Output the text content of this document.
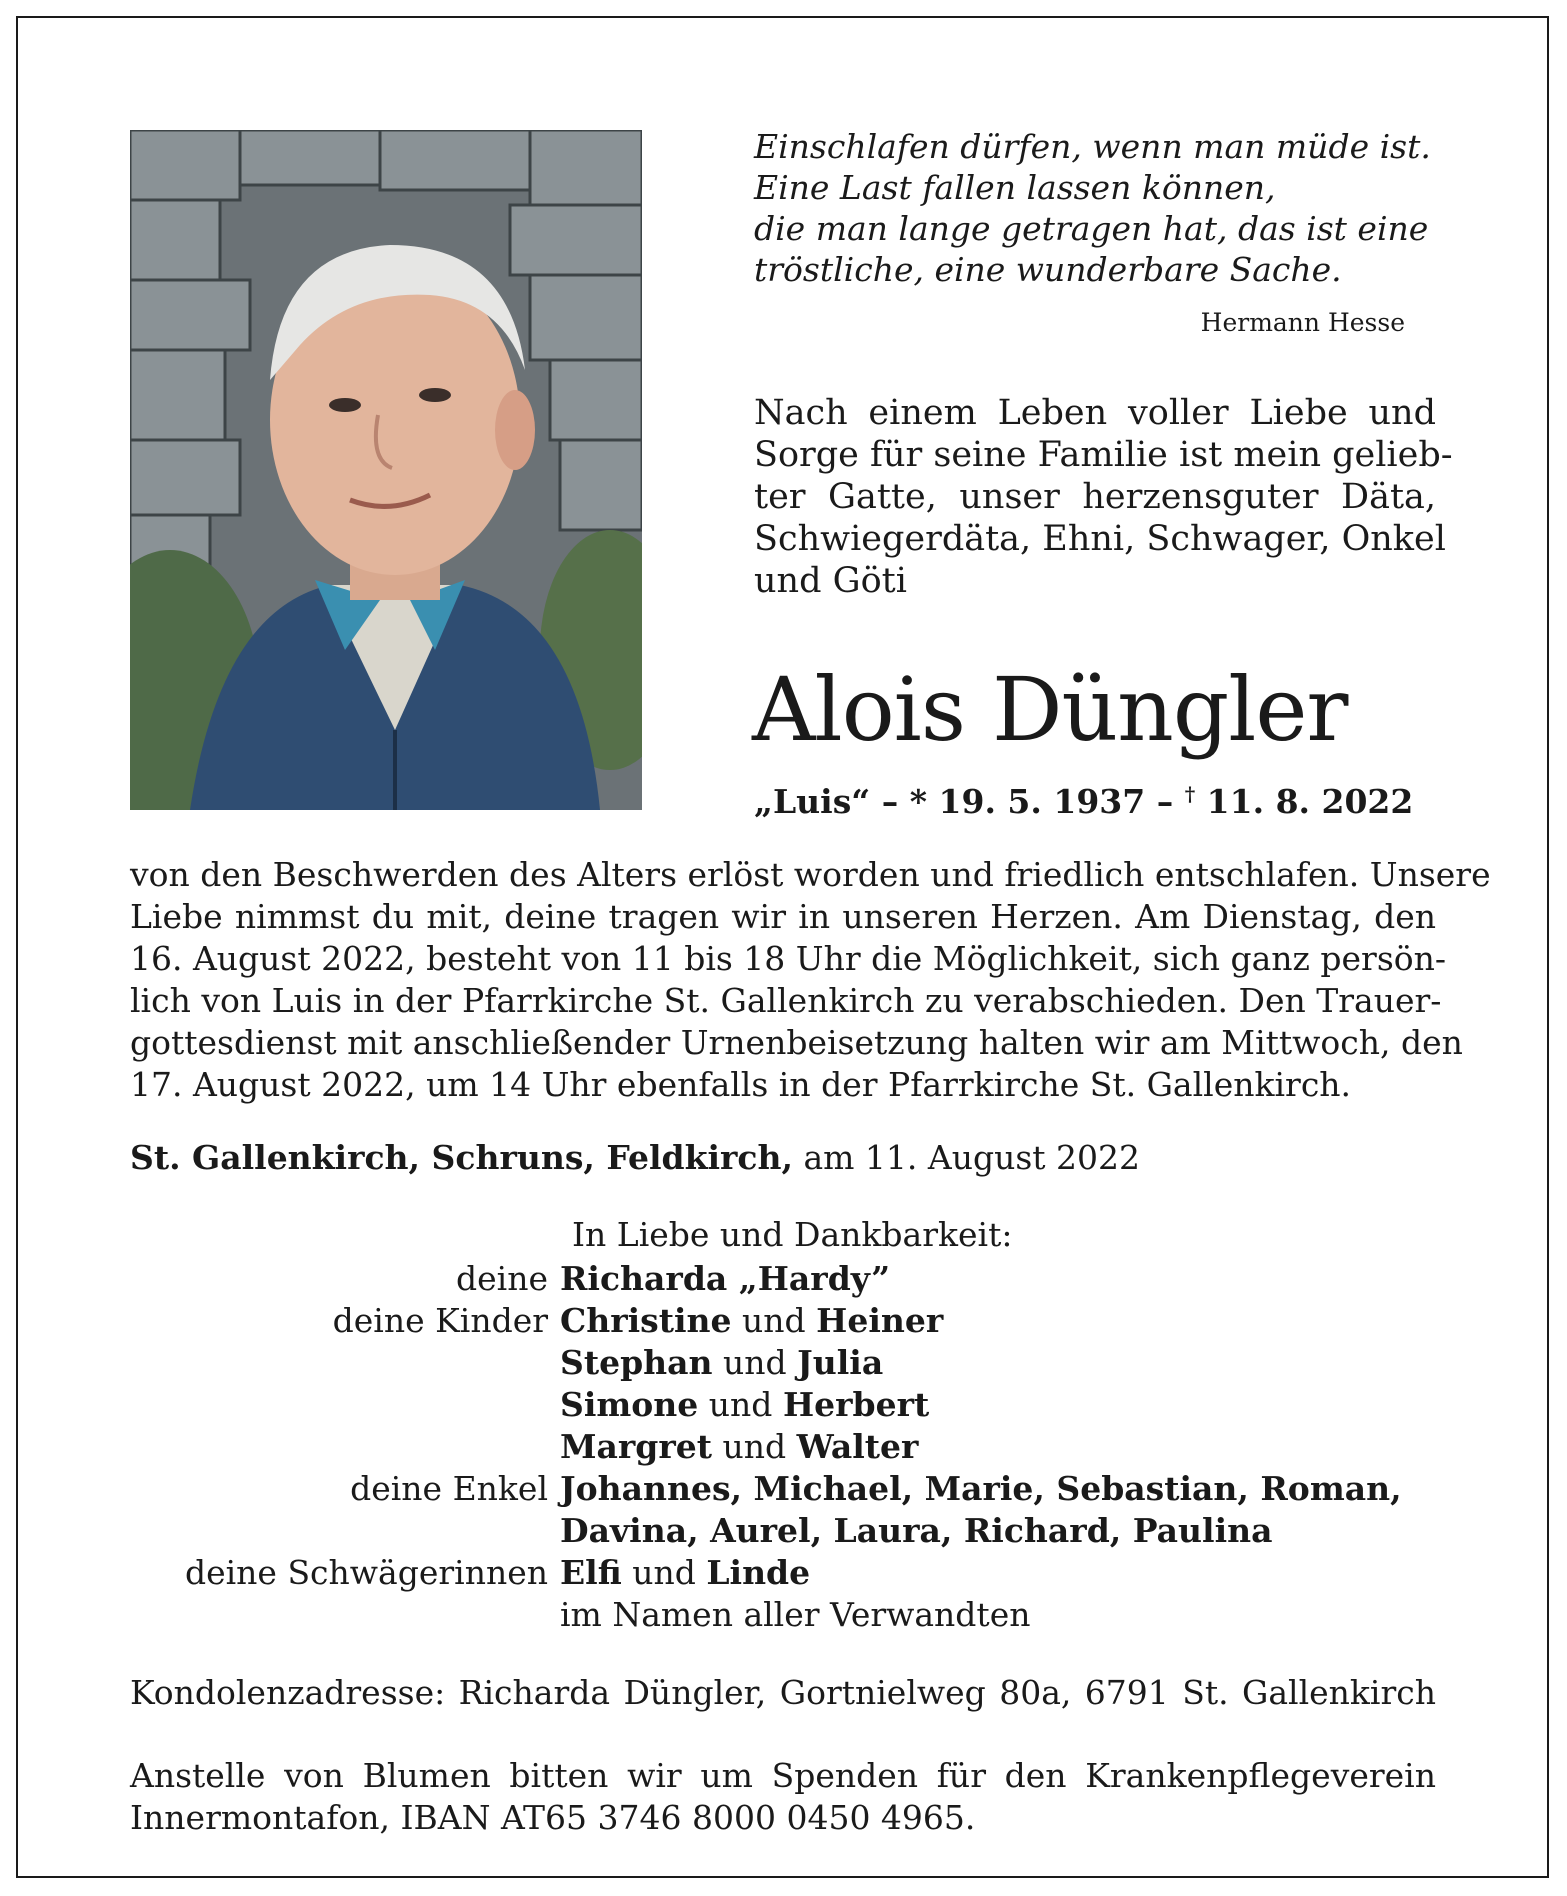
Einschlafen dürfen, wenn man müde ist.
Eine Last fallen lassen können,
die man lange getragen hat, das ist eine
tröstliche, eine wunderbare Sache.
Hermann Hesse
Nach einem Leben voller Liebe und
Sorge für seine Familie ist mein gelieb-
ter Gatte, unser herzensguter Däta,
Schwiegerdäta, Ehni, Schwager, Onkel
und Göti
Alois Düngler
„Luis“ – * 19. 5. 1937 – † 11. 8. 2022
von den Beschwerden des Alters erlöst worden und friedlich entschlafen. Unsere
Liebe nimmst du mit, deine tragen wir in unseren Herzen. Am Dienstag, den
16. August 2022, besteht von 11 bis 18 Uhr die Möglichkeit, sich ganz persön-
lich von Luis in der Pfarrkirche St. Gallenkirch zu verabschieden. Den Trauer-
gottesdienst mit anschließender Urnenbeisetzung halten wir am Mittwoch, den
17. August 2022, um 14 Uhr ebenfalls in der Pfarrkirche St. Gallenkirch.
St. Gallenkirch, Schruns, Feldkirch, am 11. August 2022
In Liebe und Dankbarkeit:
deine Richarda „Hardy”
deine Kinder Christine und Heiner
Stephan und Julia
Simone und Herbert
Margret und Walter
deine Enkel Johannes, Michael, Marie, Sebastian, Roman,
Davina, Aurel, Laura, Richard, Paulina
deine Schwägerinnen Elfi und Linde
im Namen aller Verwandten
Kondolenzadresse: Richarda Düngler, Gortnielweg 80a, 6791 St. Gallenkirch
Anstelle von Blumen bitten wir um Spenden für den Krankenpflegeverein
Innermontafon, IBAN AT65 3746 8000 0450 4965.
